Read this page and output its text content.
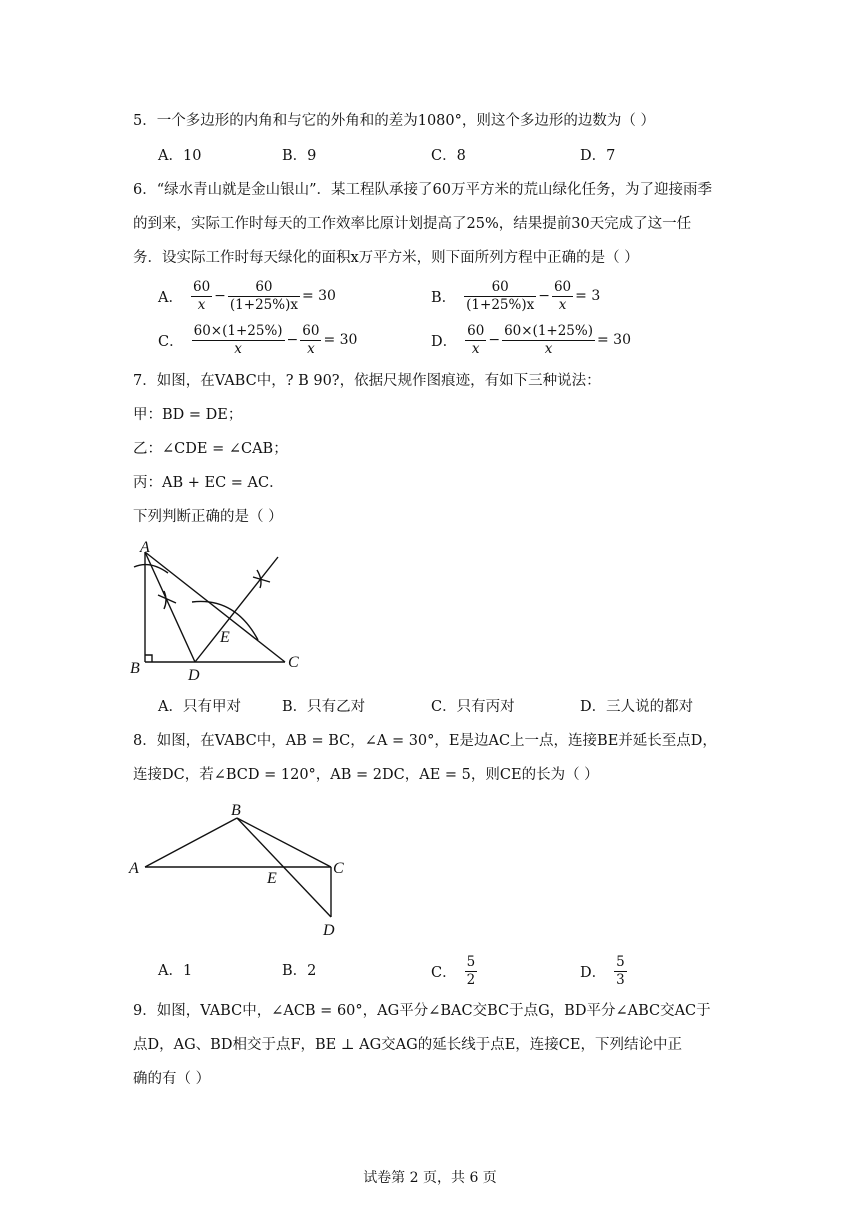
5．一个多边形的内角和与它的外角和的差为1080°，则这个多边形的边数为（ ）
A．10	B．9	C．8	D．7
6．“绿水青山就是金山银山”．某工程队承接了60万平方米的荒山绿化任务，为了迎接雨季
的到来，实际工作时每天的工作效率比原计划提高了25%，结果提前30天完成了这一任
务．设实际工作时每天绿化的面积x万平方米，则下面所列方程中正确的是（ ）
A． $\frac{60}{x} - \frac{60}{(1+25\%)x} = 30$	B． $\frac{60}{(1+25\%)x} - \frac{60}{x} = 3$
C． $\frac{60\times(1+25\%)}{x} - \frac{60}{x} = 30$	D． $\frac{60}{x} - \frac{60\times(1+25\%)}{x} = 30$
7．如图，在VABC中，? B 90?，依据尺规作图痕迹，有如下三种说法：
甲：BD = DE；
乙：∠CDE = ∠CAB；
丙：AB + EC = AC．
下列判断正确的是（ ）
A
B	C
D
E
A．只有甲对	B．只有乙对	C．只有丙对	D．三人说的都对
8．如图，在VABC中，AB = BC，∠A = 30°，E是边AC上一点，连接BE并延长至点D，
连接DC，若∠BCD = 120°，AB = 2DC，AE = 5，则CE的长为（ ）
B
A	C
D
E
A．1	B．2	C． $\frac{5}{2}$	D． $\frac{5}{3}$
9．如图，VABC中，∠ACB = 60°，AG平分∠BAC交BC于点G，BD平分∠ABC交AC于
点D，AG、BD相交于点F，BE ⊥ AG交AG的延长线于点E，连接CE，下列结论中正
确的有（ ）
试卷第 2 页，共 6 页
